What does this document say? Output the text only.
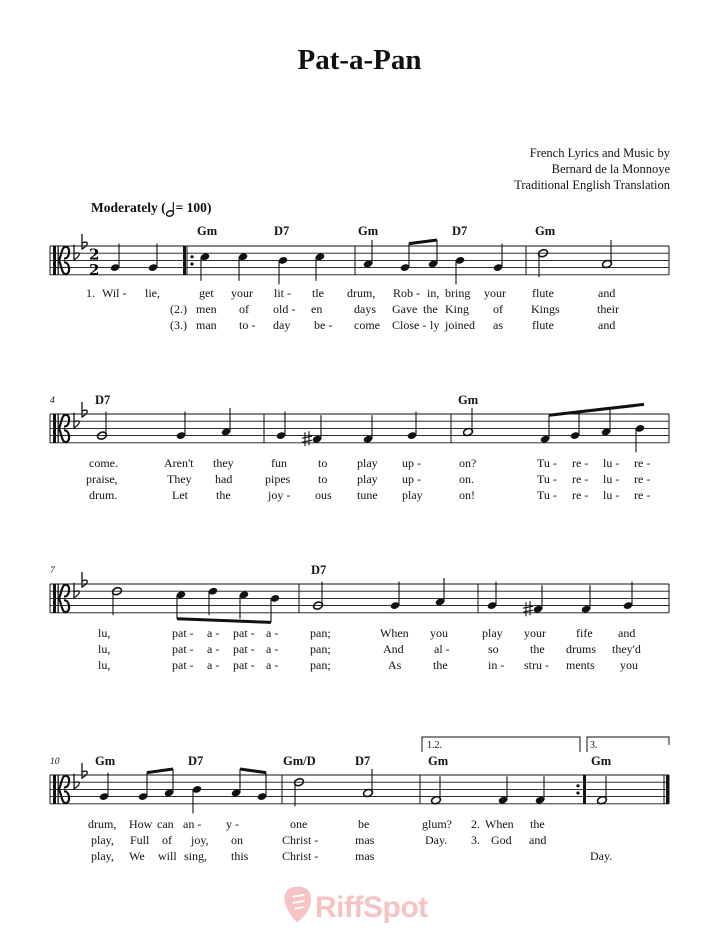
Pat-a-Pan
French Lyrics and Music by
Bernard de la Monnoye
Traditional English Translation
Moderately ( = 100)
2
2
Gm	D7	Gm	D7	Gm
1. Wil - lie,	get your lit - tle drum, Rob - in, bring your flute	and
(2.) men of old - en	days Gave the King of Kings	their
(3.) man to - day be - come Close - ly joined as flute	and
4	D7	Gm
come.	Aren't they	fun	to play up -	on?	Tu - re - lu - re -
praise,	They had	pipes to play up -	on.	Tu - re - lu - re -
drum.	Let the	joy - ous tune play	on!	Tu - re - lu - re -
7	D7
lu,	pat - a - pat - a -	pan;	When you	play your	fife and
lu,	pat - a - pat - a -	pan;	And	al -	so	the drums they'd
lu,	pat - a - pat - a -	pan;	As	the	in - stru - ments you
10	Gm	D7	Gm/D	D7	Gm	Gm
1.2.	3.
drum, How can an - y -	one	be	glum? 2. When the
play, Full of joy, on	Christ -	mas	Day. 3. God and
play, We will sing, this	Christ -	mas	Day.
RiffSpot
